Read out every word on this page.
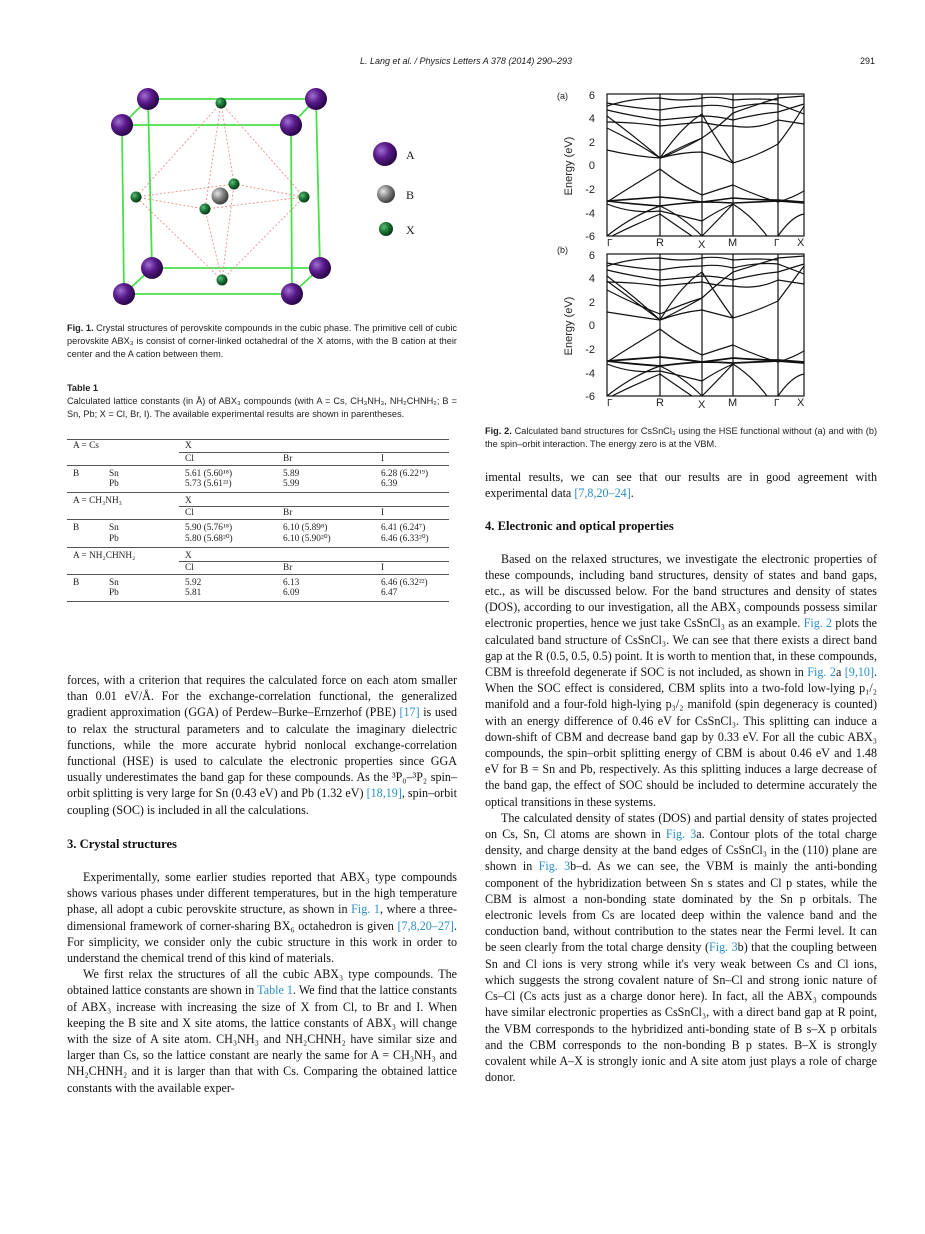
L. Lang et al. / Physics Letters A 378 (2014) 290–293	291
A
B
X
Fig. 1. Crystal structures of perovskite compounds in the cubic phase. The primitive cell of cubic perovskite ABX₃ is consist of corner-linked octahedral of the X atoms, with the B cation at their center and the A cation between them.
Table 1
Calculated lattice constants (in Å) of ABX₃ compounds (with A = Cs, CH₃NH₃, NH₂CHNH₂; B = Sn, Pb; X = Cl, Br, I). The available experimental results are shown in parentheses.
A = Cs		X		
		Cl	Br	I
B	Sn	5.61 (5.60¹⁸)	5.89	6.28 (6.22¹⁹)
	Pb	5.73 (5.61²¹)	5.99	6.39
A = CH₃NH₃		X		
		Cl	Br	I
B	Sn	5.90 (5.76¹⁸)	6.10 (5.89⁸)	6.41 (6.24⁷)
	Pb	5.80 (5.68²⁰)	6.10 (5.90²⁰)	6.46 (6.33²⁰)
A = NH₂CHNH₂		X		
		Cl	Br	I
B	Sn	5.92	6.13	6.46 (6.32²²)
	Pb	5.81	6.09	6.47
(a) 6
4
2
0
-2
-4
-6
Energy (eV)
Γ	R	X M	Γ X
(b) 6
4
2
0
-2
-4
-6
Energy (eV)
Γ	R	X M	Γ X
Fig. 2. Calculated band structures for CsSnCl₃ using the HSE functional without (a) and with (b) the spin–orbit interaction. The energy zero is at the VBM.

forces, with a criterion that requires the calculated force on each atom smaller than 0.01 eV/Å. For the exchange-correlation functional, the generalized gradient approximation (GGA) of Perdew–Burke–Ernzerhof (PBE) [17] is used to relax the structural parameters and to calculate the imaginary dielectric functions, while the more accurate hybrid nonlocal exchange-correlation functional (HSE) is used to calculate the electronic properties since GGA usually underestimates the band gap for these compounds. As the ³P₀–³P₂ spin–orbit splitting is very large for Sn (0.43 eV) and Pb (1.32 eV) [18,19], spin–orbit coupling (SOC) is included in all the calculations.

3. Crystal structures

Experimentally, some earlier studies reported that ABX₃ type compounds shows various phases under different temperatures, but in the high temperature phase, all adopt a cubic perovskite structure, as shown in Fig. 1, where a three-dimensional framework of corner-sharing BX₆ octahedron is given [7,8,20–27]. For simplicity, we consider only the cubic structure in this work in order to understand the chemical trend of this kind of materials.

We first relax the structures of all the cubic ABX₃ type compounds. The obtained lattice constants are shown in Table 1. We find that the lattice constants of ABX₃ increase with increasing the size of X from Cl, to Br and I. When keeping the B site and X site atoms, the lattice constants of ABX₃ will change with the size of A site atom. CH₃NH₃ and NH₂CHNH₂ have similar size and larger than Cs, so the lattice constant are nearly the same for A = CH₃NH₃ and NH₂CHNH₂ and it is larger than that with Cs. Comparing the obtained lattice constants with the available exper-

imental results, we can see that our results are in good agreement with experimental data [7,8,20–24].

4. Electronic and optical properties

Based on the relaxed structures, we investigate the electronic properties of these compounds, including band structures, density of states and band gaps, etc., as will be discussed below. For the band structures and density of states (DOS), according to our investigation, all the ABX₃ compounds possess similar electronic properties, hence we just take CsSnCl₃ as an example. Fig. 2 plots the calculated band structure of CsSnCl₃. We can see that there exists a direct band gap at the R (0.5, 0.5, 0.5) point. It is worth to mention that, in these compounds, CBM is threefold degenerate if SOC is not included, as shown in Fig. 2a [9,10]. When the SOC effect is considered, CBM splits into a two-fold low-lying p₁/₂ manifold and a four-fold high-lying p₃/₂ manifold (spin degeneracy is counted) with an energy difference of 0.46 eV for CsSnCl₃. This splitting can induce a down-shift of CBM and decrease band gap by 0.33 eV. For all the cubic ABX₃ compounds, the spin–orbit splitting energy of CBM is about 0.46 eV and 1.48 eV for B = Sn and Pb, respectively. As this splitting induces a large decrease of the band gap, the effect of SOC should be included to determine accurately the optical transitions in these systems.

The calculated density of states (DOS) and partial density of states projected on Cs, Sn, Cl atoms are shown in Fig. 3a. Contour plots of the total charge density, and charge density at the band edges of CsSnCl₃ in the (110) plane are shown in Fig. 3b–d. As we can see, the VBM is mainly the anti-bonding component of the hybridization between Sn s states and Cl p states, while the CBM is almost a non-bonding state dominated by the Sn p orbitals. The electronic levels from Cs are located deep within the valence band and the conduction band, without contribution to the states near the Fermi level. It can be seen clearly from the total charge density (Fig. 3b) that the coupling between Sn and Cl ions is very strong while it's very weak between Cs and Cl ions, which suggests the strong covalent nature of Sn–Cl and strong ionic nature of Cs–Cl (Cs acts just as a charge donor here). In fact, all the ABX₃ compounds have similar electronic properties as CsSnCl₃, with a direct band gap at R point, the VBM corresponds to the hybridized anti-bonding state of B s–X p orbitals and the CBM corresponds to the non-bonding B p states. B–X is strongly covalent while A–X is strongly ionic and A site atom just plays a role of charge donor.
